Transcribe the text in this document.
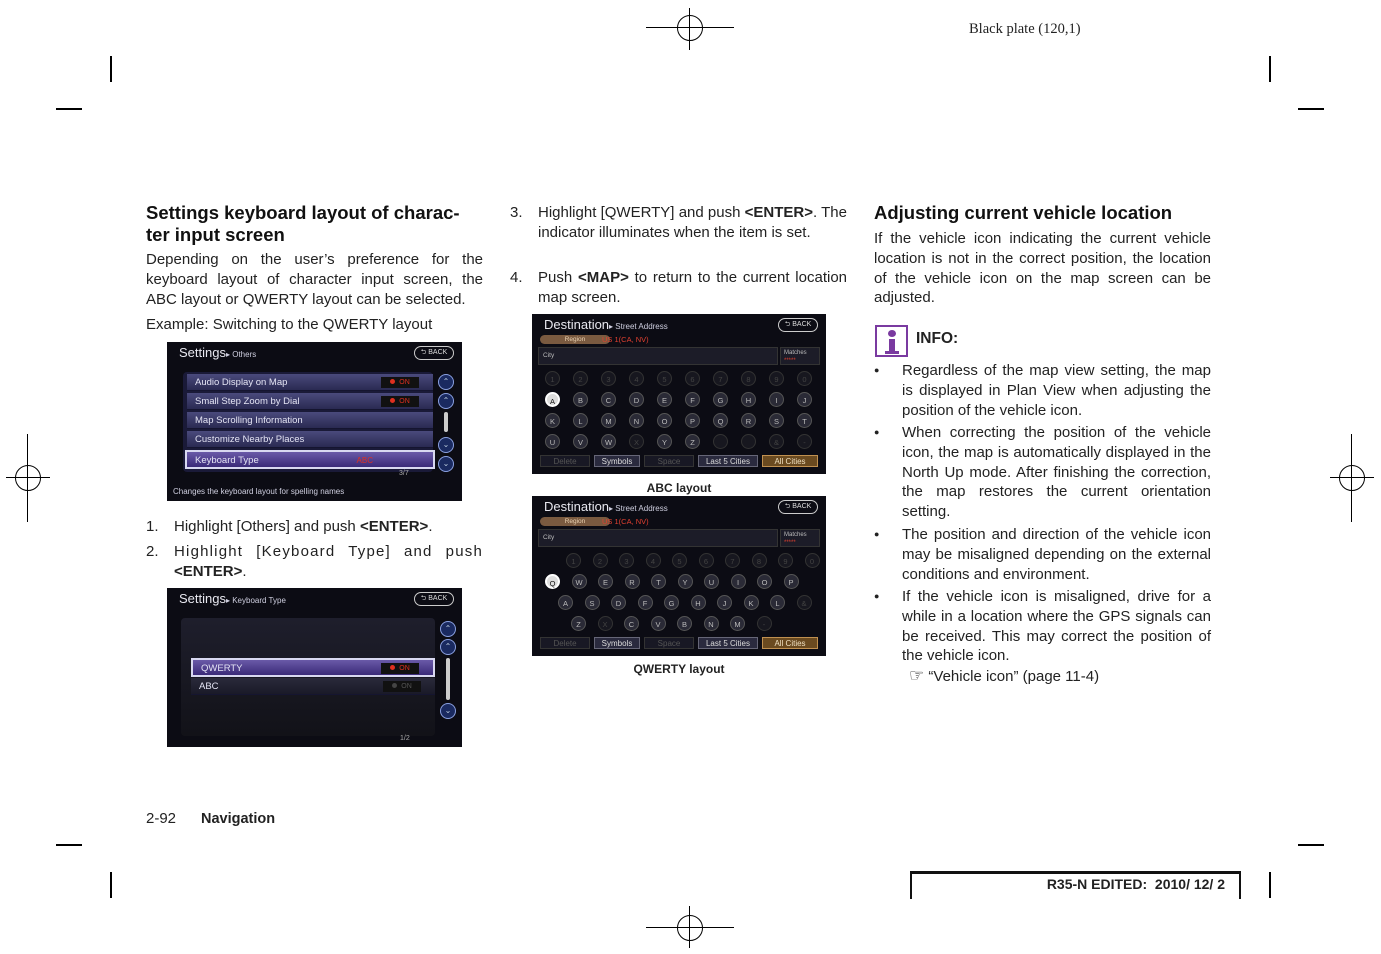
Black plate (120,1)
Settings keyboard layout of charac-
ter input screen

Depending on the user’s preference for the keyboard layout of character input screen, the ABC layout or QWERTY layout can be selected.

Example: Switching to the QWERTY layout

Settings▸ Others	⮌ BACK
Audio Display on Map	ON
Small Step Zoom by Dial	ON
Map Scrolling Information
Customize Nearby Places
Keyboard Type	ABC
3/7
⌃
⌃
⌄
⌄
Changes the keyboard layout for spelling names
1. Highlight [Others] and push <ENTER>.
2. Highlight [Keyboard Type] and push <ENTER>.
Settings▸ Keyboard Type	⮌ BACK
QWERTY	ON
ABC	ON
1/2
⌃
⌃
⌄
3. Highlight [QWERTY] and push <ENTER>. The indicator illuminates when the item is set.
4. Push <MAP> to return to the current location map screen.
Destination▸ Street Address	⮌ BACK
Region	US 1(CA, NV)
City	Matches
*****
1	2	3	4	5	6	7	8	9	0
A	B	C	D	E	F	G	H	I	J
K	L	M	N	O	P	Q	R	S	T
U	V	W	X	Y	Z	&	-
Delete	Symbols	Space	Last 5 Cities	All Cities
ABC layout
Destination▸ Street Address	⮌ BACK
Region	US 1(CA, NV)
City	Matches
*****
1	2	3	4	5	6	7	8	9	0
Q	W	E	R	T	Y	U	I	O	P
A	S	D	F	G	H	J	K	L	&
Z	X	C	V	B	N	M	-
Delete	Symbols	Space	Last 5 Cities	All Cities
QWERTY layout
Adjusting current vehicle location

If the vehicle icon indicating the current vehicle location is not in the correct position, the location of the vehicle icon on the map screen can be adjusted.

INFO:
● Regardless of the map view setting, the map is displayed in Plan View when adjusting the position of the vehicle icon.
● When correcting the position of the vehicle icon, the map is automatically displayed in the North Up mode. After finishing the correction, the map restores the current orientation setting.
● The position and direction of the vehicle icon may be misaligned depending on the external conditions and environment.
● If the vehicle icon is misaligned, drive for a while in a location where the GPS signals can be received. This may correct the position of the vehicle icon.
☞ “Vehicle icon” (page 11-4)
2-92 Navigation
R35-N EDITED:  2010/ 12/ 2
